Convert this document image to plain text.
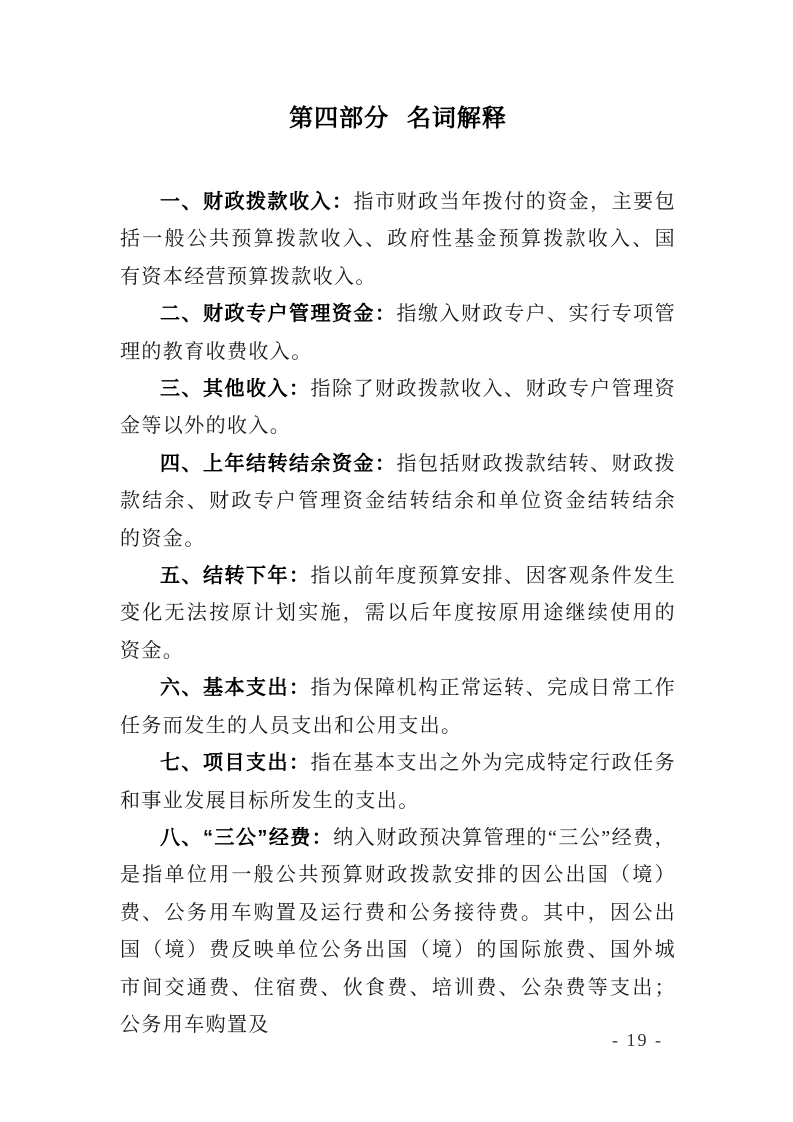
第四部分 名词解释

一、财政拨款收入：指市财政当年拨付的资金，主要包括一般公共预算拨款收入、政府性基金预算拨款收入、国有资本经营预算拨款收入。

二、财政专户管理资金：指缴入财政专户、实行专项管理的教育收费收入。

三、其他收入：指除了财政拨款收入、财政专户管理资金等以外的收入。

四、上年结转结余资金：指包括财政拨款结转、财政拨款结余、财政专户管理资金结转结余和单位资金结转结余的资金。

五、结转下年：指以前年度预算安排、因客观条件发生变化无法按原计划实施，需以后年度按原用途继续使用的资金。

六、基本支出：指为保障机构正常运转、完成日常工作任务而发生的人员支出和公用支出。

七、项目支出：指在基本支出之外为完成特定行政任务和事业发展目标所发生的支出。

八、“三公”经费：纳入财政预决算管理的“三公”经费，是指单位用一般公共预算财政拨款安排的因公出国（境）费、公务用车购置及运行费和公务接待费。其中，因公出国（境）费反映单位公务出国（境）的国际旅费、国外城市间交通费、住宿费、伙食费、培训费、公杂费等支出；公务用车购置及

- 19 -
